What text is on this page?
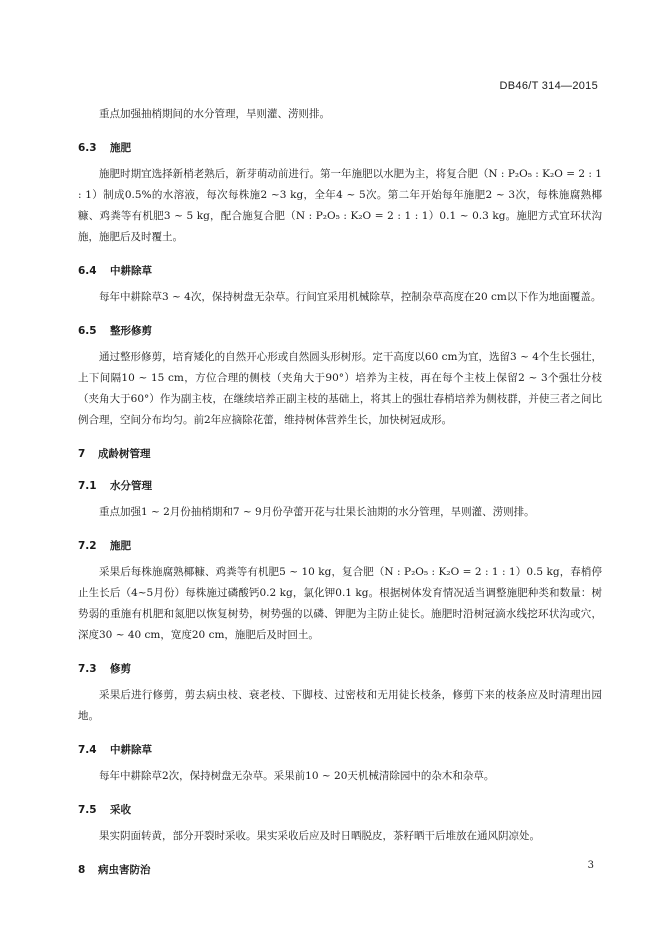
DB46/T 314—2015

重点加强抽梢期间的水分管理，旱则灌、涝则排。

6.3 施肥

施肥时期宜选择新梢老熟后，新芽萌动前进行。第一年施肥以水肥为主，将复合肥（N : P₂O₅ : K₂O = 2 : 1 : 1）制成0.5%的水溶液，每次每株施2 ~3 kg，全年4 ~ 5次。第二年开始每年施肥2 ~ 3次，每株施腐熟椰糠、鸡粪等有机肥3 ~ 5 kg，配合施复合肥（N : P₂O₅ : K₂O = 2 : 1 : 1）0.1 ~ 0.3 kg。施肥方式宜环状沟施，施肥后及时覆土。

6.4 中耕除草

每年中耕除草3 ~ 4次，保持树盘无杂草。行间宜采用机械除草，控制杂草高度在20 cm以下作为地面覆盖。

6.5 整形修剪

通过整形修剪，培育矮化的自然开心形或自然圆头形树形。定干高度以60 cm为宜，选留3 ~ 4个生长强壮，上下间隔10 ~ 15 cm，方位合理的侧枝（夹角大于90°）培养为主枝，再在每个主枝上保留2 ~ 3个强壮分枝（夹角大于60°）作为副主枝，在继续培养正副主枝的基础上，将其上的强壮春梢培养为侧枝群，并使三者之间比例合理，空间分布均匀。前2年应摘除花蕾，维持树体营养生长，加快树冠成形。

7 成龄树管理
7.1 水分管理

重点加强1 ~ 2月份抽梢期和7 ~ 9月份孕蕾开花与壮果长油期的水分管理，旱则灌、涝则排。

7.2 施肥

采果后每株施腐熟椰糠、鸡粪等有机肥5 ~ 10 kg，复合肥（N : P₂O₅ : K₂O = 2 : 1 : 1）0.5 kg，春梢停止生长后（4~5月份）每株施过磷酸钙0.2 kg，氯化钾0.1 kg。根据树体发育情况适当调整施肥种类和数量：树势弱的重施有机肥和氮肥以恢复树势，树势强的以磷、钾肥为主防止徒长。施肥时沿树冠滴水线挖环状沟或穴，深度30 ~ 40 cm，宽度20 cm，施肥后及时回土。

7.3 修剪

采果后进行修剪，剪去病虫枝、衰老枝、下脚枝、过密枝和无用徒长枝条，修剪下来的枝条应及时清理出园地。

7.4 中耕除草

每年中耕除草2次，保持树盘无杂草。采果前10 ~ 20天机械清除园中的杂木和杂草。

7.5 采收

果实阴面转黄，部分开裂时采收。果实采收后应及时日晒脱皮，茶籽晒干后堆放在通风阴凉处。

8 病虫害防治	3
